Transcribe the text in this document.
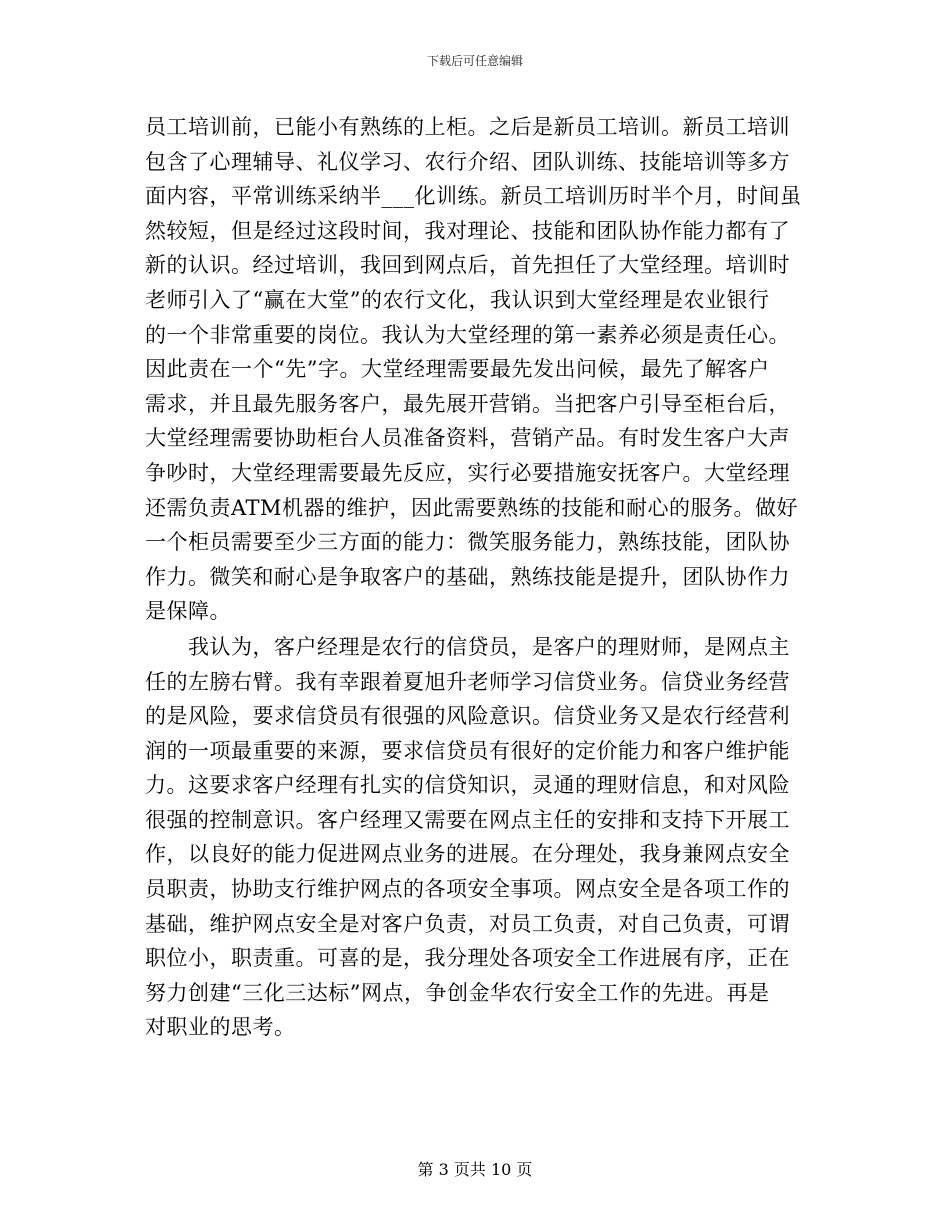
下载后可任意编辑
员工培训前，已能小有熟练的上柜。之后是新员工培训。新员工培训
包含了心理辅导、礼仪学习、农行介绍、团队训练、技能培训等多方
面内容，平常训练采纳半___化训练。新员工培训历时半个月，时间虽
然较短，但是经过这段时间，我对理论、技能和团队协作能力都有了
新的认识。经过培训，我回到网点后，首先担任了大堂经理。培训时
老师引入了“赢在大堂”的农行文化，我认识到大堂经理是农业银行
的一个非常重要的岗位。我认为大堂经理的第一素养必须是责任心。
因此责在一个“先”字。大堂经理需要最先发出问候，最先了解客户
需求，并且最先服务客户，最先展开营销。当把客户引导至柜台后，
大堂经理需要协助柜台人员准备资料，营销产品。有时发生客户大声
争吵时，大堂经理需要最先反应，实行必要措施安抚客户。大堂经理
还需负责ATM机器的维护，因此需要熟练的技能和耐心的服务。做好
一个柜员需要至少三方面的能力：微笑服务能力，熟练技能，团队协
作力。微笑和耐心是争取客户的基础，熟练技能是提升，团队协作力
是保障。
　　我认为，客户经理是农行的信贷员，是客户的理财师，是网点主
任的左膀右臂。我有幸跟着夏旭升老师学习信贷业务。信贷业务经营
的是风险，要求信贷员有很强的风险意识。信贷业务又是农行经营利
润的一项最重要的来源，要求信贷员有很好的定价能力和客户维护能
力。这要求客户经理有扎实的信贷知识，灵通的理财信息，和对风险
很强的控制意识。客户经理又需要在网点主任的安排和支持下开展工
作，以良好的能力促进网点业务的进展。在分理处，我身兼网点安全
员职责，协助支行维护网点的各项安全事项。网点安全是各项工作的
基础，维护网点安全是对客户负责，对员工负责，对自己负责，可谓
职位小，职责重。可喜的是，我分理处各项安全工作进展有序，正在
努力创建“三化三达标”网点，争创金华农行安全工作的先进。再是
对职业的思考。
第 3 页共 10 页
